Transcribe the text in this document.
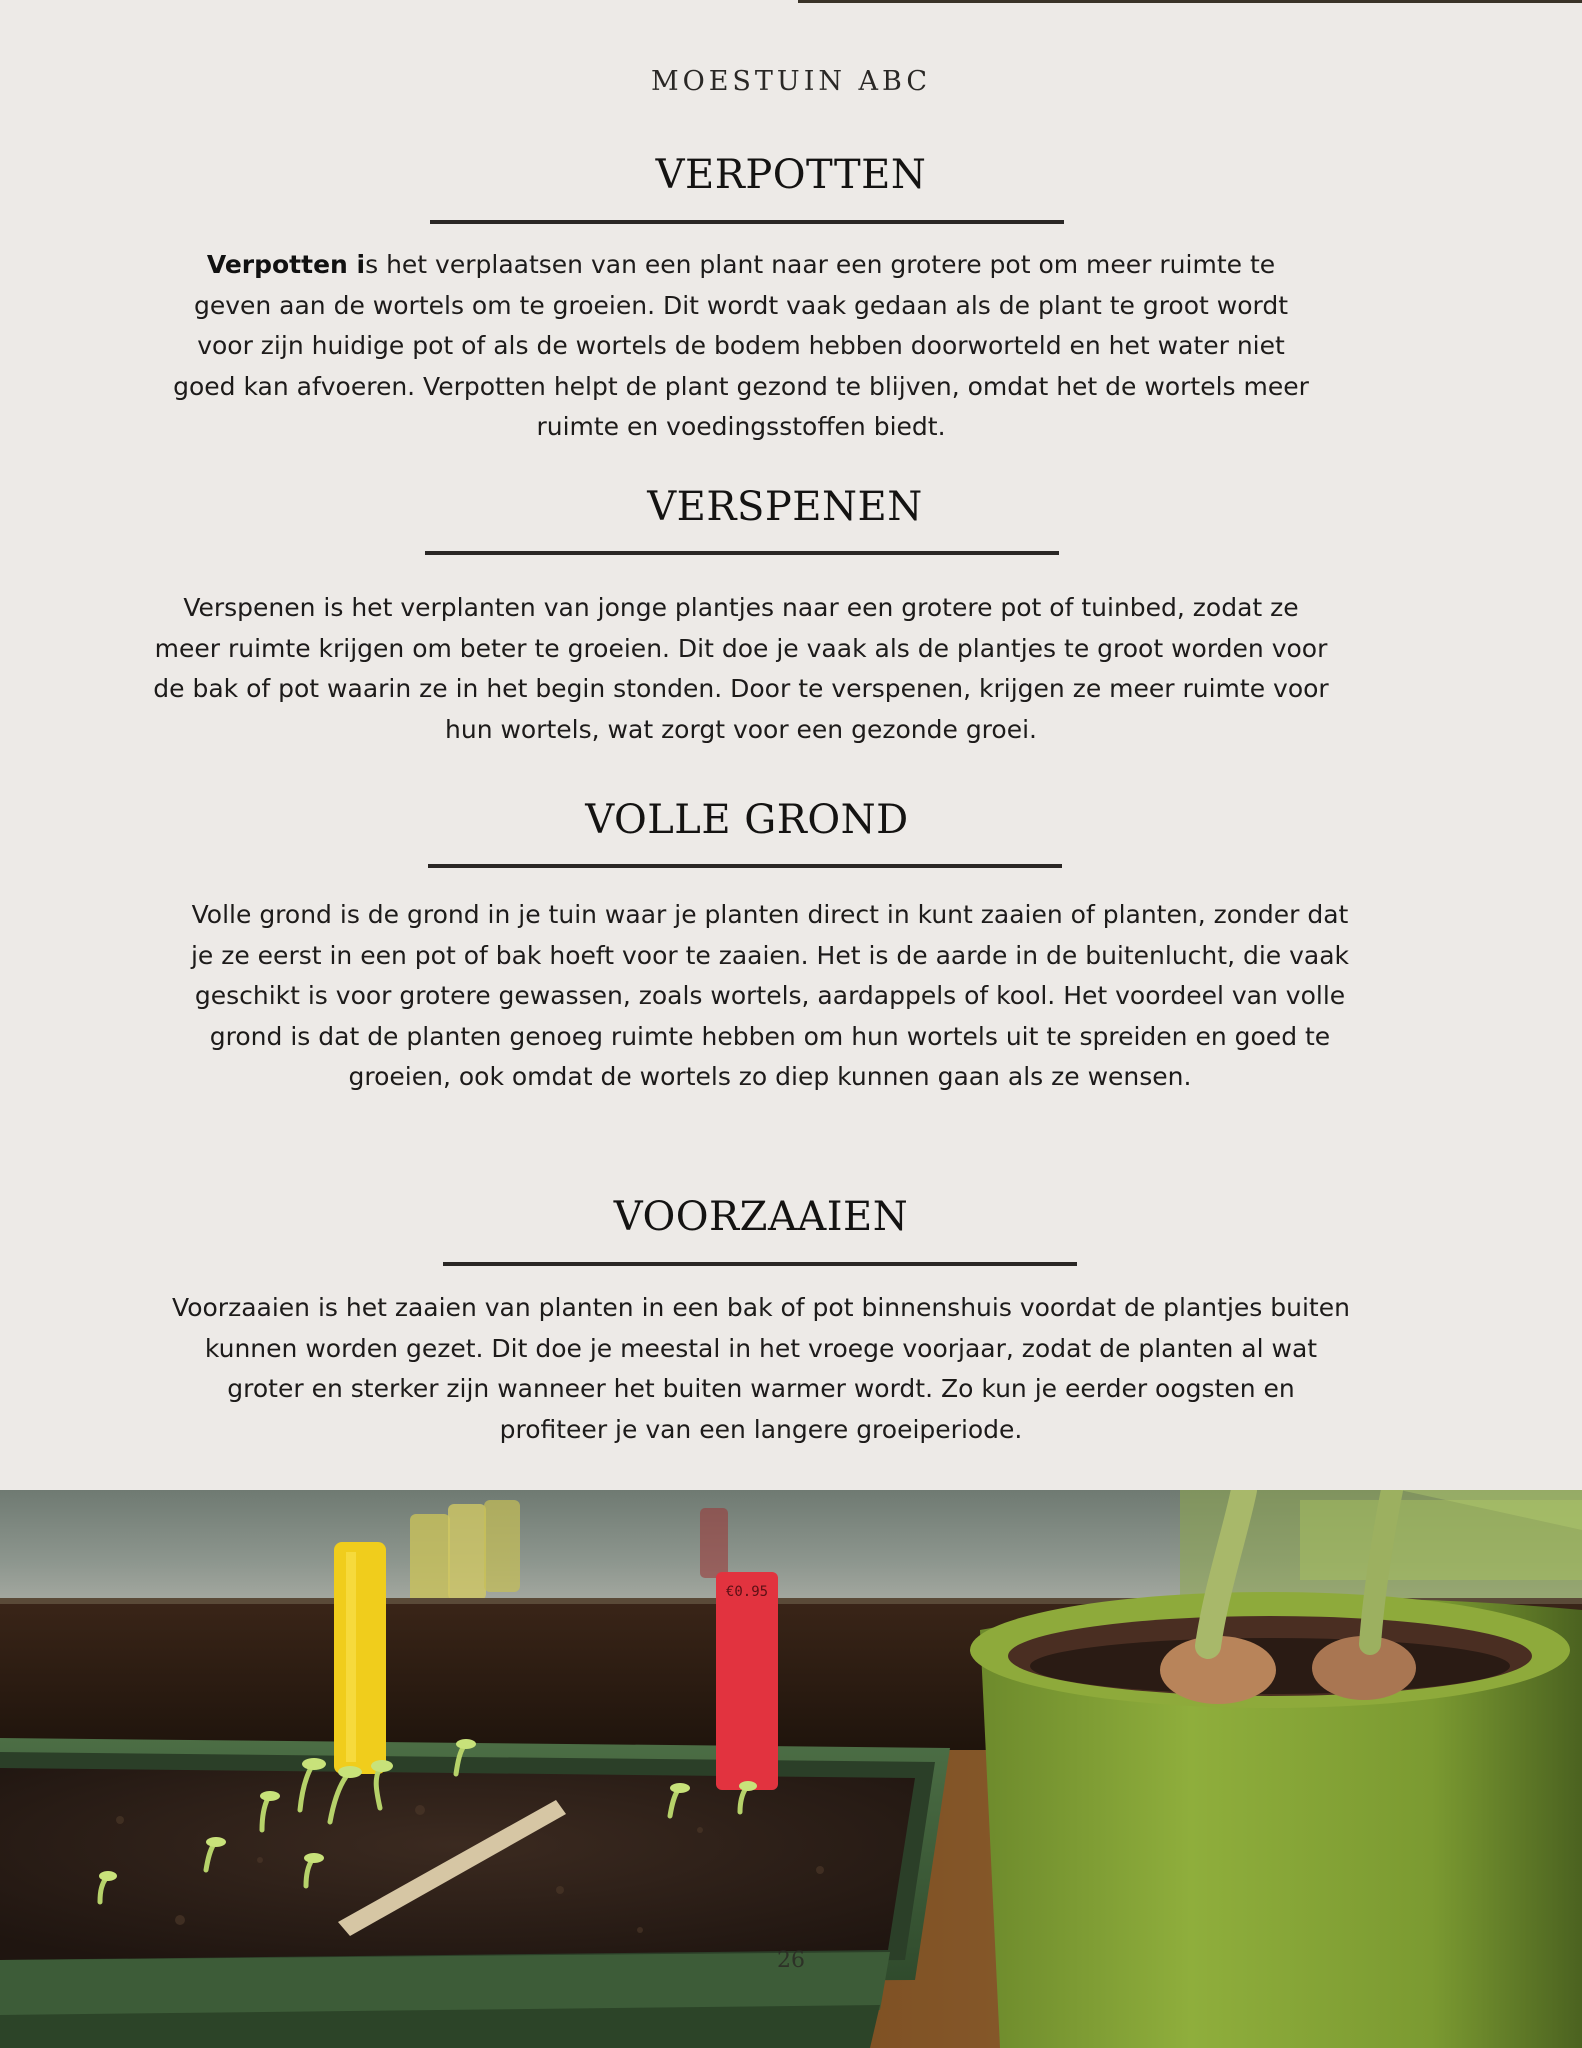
MOESTUIN ABC
VERPOTTEN

Verpotten is het verplaatsen van een plant naar een grotere pot om meer ruimte te geven aan de wortels om te groeien. Dit wordt vaak gedaan als de plant te groot wordt voor zijn huidige pot of als de wortels de bodem hebben doorworteld en het water niet goed kan afvoeren. Verpotten helpt de plant gezond te blijven, omdat het de wortels meer ruimte en voedingsstoffen biedt.

VERSPENEN

Verspenen is het verplanten van jonge plantjes naar een grotere pot of tuinbed, zodat ze meer ruimte krijgen om beter te groeien. Dit doe je vaak als de plantjes te groot worden voor de bak of pot waarin ze in het begin stonden. Door te verspenen, krijgen ze meer ruimte voor hun wortels, wat zorgt voor een gezonde groei.

VOLLE GROND

Volle grond is de grond in je tuin waar je planten direct in kunt zaaien of planten, zonder dat je ze eerst in een pot of bak hoeft voor te zaaien. Het is de aarde in de buitenlucht, die vaak geschikt is voor grotere gewassen, zoals wortels, aardappels of kool. Het voordeel van volle grond is dat de planten genoeg ruimte hebben om hun wortels uit te spreiden en goed te groeien, ook omdat de wortels zo diep kunnen gaan als ze wensen.

VOORZAAIEN

Voorzaaien is het zaaien van planten in een bak of pot binnenshuis voordat de plantjes buiten kunnen worden gezet. Dit doe je meestal in het vroege voorjaar, zodat de planten al wat groter en sterker zijn wanneer het buiten warmer wordt. Zo kun je eerder oogsten en profiteer je van een langere groeiperiode.

€0.95
26
